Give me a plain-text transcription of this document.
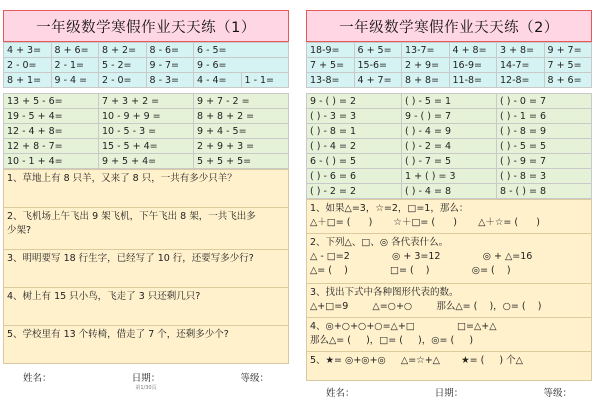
一年级数学寒假作业天天练（1）
4 + 3=	8 + 6=	8 + 2=	8 - 6=	6 - 5=	
2 - 0=	2 - 1=	5 - 2=	9 - 7=	9 - 6=	
8 + 1=	9 - 4 =	2 - 0=	8 - 3=	4 - 4=	1 - 1=
13 + 5 - 6=	7 + 3 + 2 =	9 + 7 - 2 =
19 - 5 + 4=	10 - 9 + 9 =	8 + 8 + 2 =
12 - 4 + 8=	10 - 5 - 3 =	9 + 4 - 5=
12 + 8 - 7=	15 - 5 + 4=	2 + 9 + 3 =
10 - 1 + 4=	9 + 5 + 4=	5 + 5 + 5=
1、草地上有 8 只羊，又来了 8 只，一共有多少只羊？
2、飞机场上午飞出 9 架飞机，下午飞出 8 架，一共飞出多
少架?
3、明明要写 18 行生字，已经写了 10 行，还要写多少行?
4、树上有 15 只小鸟，飞走了 3 只还剩几只?
5、学校里有 13 个转椅，借走了 7 个，还剩多少个?
姓名：	日期：	等级：
第1/30页
一年级数学寒假作业天天练（2）
18-9=	6 + 5=	13-7=	4 + 8=	3 + 8=	9 + 7=
7 + 5=	15-6=	2 + 9=	16-9=	14-7=	7 + 5=
13-8=	4 + 7=	8 + 8=	11-8=	12-8=	8 + 6=
9 - ( ) = 2	( ) - 5 = 1	( ) - 0 = 7
( ) - 3 = 3	9 - ( ) = 7	( ) - 1 = 6
( ) - 8 = 1	( ) - 4 = 9	( ) - 8 = 9
( ) - 4 = 2	( ) - 2 = 4	( ) - 5 = 5
6 - ( ) = 5	( ) - 7 = 5	( ) - 9 = 7
( ) - 6 = 6	1 + ( ) = 3	( ) - 8 = 3
( ) - 2 = 2	( ) - 4 = 8	8 - ( ) = 8
1、如果△=3，☆=2，□=1，那么：
△＋□= (      )       ☆＋□= (      )       △＋☆= (      )
2、下列△、□、◎ 各代表什么。
△ - □=2              ◎ + 3=12              ◎ + △=16
△= (    )              □= (    )              ◎= (    )
3、找出下式中各种图形代表的数。
△+□=9        △=○+○        那么△= (    )，○= (    )
4、◎+○+○+○=△+□              □=△+△
那么△= (     )，□= (     )，◎= (     )
5、★= ◎+◎+◎     △=☆+△       ★= (     ) 个△
姓名：	日期：	等级：
